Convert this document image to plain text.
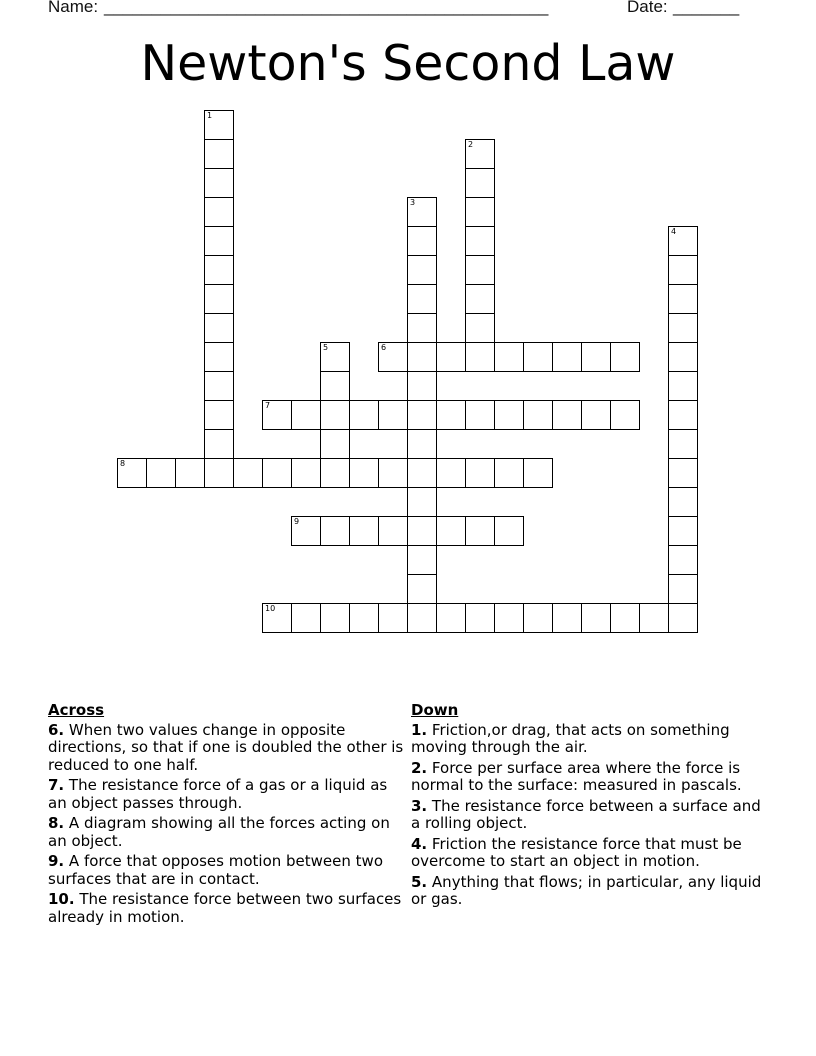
Name: _______________________________________________	Date: _______
Newton's Second Law
1
2
3
4
5	6
7
8
9
10
Across
6. When two values change in opposite directions, so that if one is doubled the other is reduced to one half.
7. The resistance force of a gas or a liquid as an object passes through.
8. A diagram showing all the forces acting on an object.
9. A force that opposes motion between two surfaces that are in contact.
10. The resistance force between two surfaces already in motion.
Down
1. Friction,or drag, that acts on something moving through the air.
2. Force per surface area where the force is normal to the surface: measured in pascals.
3. The resistance force between a surface and a rolling object.
4. Friction the resistance force that must be overcome to start an object in motion.
5. Anything that flows; in particular, any liquid or gas.
